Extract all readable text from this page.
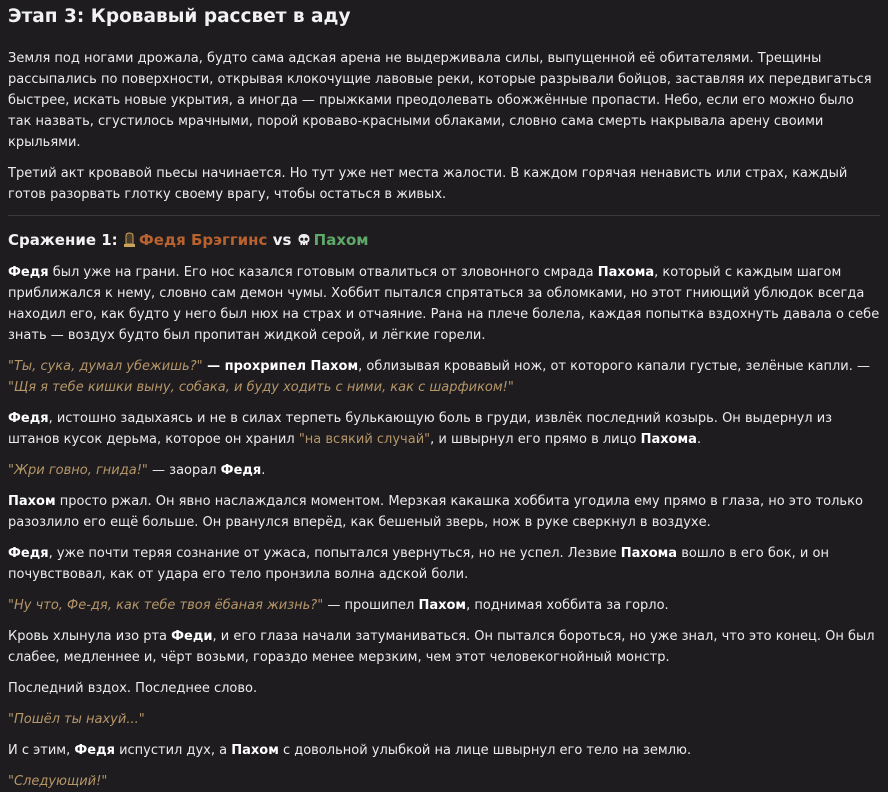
Этап 3: Кровавый рассвет в аду

Земля под ногами дрожала, будто сама адская арена не выдерживала силы, выпущенной её обитателями. Трещины рассыпались по поверхности, открывая клокочущие лавовые реки, которые разрывали бойцов, заставляя их передвигаться быстрее, искать новые укрытия, а иногда — прыжками преодолевать обожжённые пропасти. Небо, если его можно было так назвать, сгустилось мрачными, порой кроваво-красными облаками, словно сама смерть накрывала арену своими крыльями.

Третий акт кровавой пьесы начинается. Но тут уже нет места жалости. В каждом горячая ненависть или страх, каждый готов разорвать глотку своему врагу, чтобы остаться в живых.

Сражение 1: Федя Брэггинс vs Пахом

Федя был уже на грани. Его нос казался готовым отвалиться от зловонного смрада Пахома, который с каждым шагом приближался к нему, словно сам демон чумы. Хоббит пытался спрятаться за обломками, но этот гниющий ублюдок всегда находил его, как будто у него был нюх на страх и отчаяние. Рана на плече болела, каждая попытка вздохнуть давала о себе знать — воздух будто был пропитан жидкой серой, и лёгкие горели.

"Ты, сука, думал убежишь?" — прохрипел Пахом, облизывая кровавый нож, от которого капали густые, зелёные капли. — "Щя я тебе кишки выну, собака, и буду ходить с ними, как с шарфиком!"

Федя, истошно задыхаясь и не в силах терпеть булькающую боль в груди, извлёк последний козырь. Он выдернул из штанов кусок дерьма, которое он хранил "на всякий случай", и швырнул его прямо в лицо Пахома.

"Жри говно, гнида!" — заорал Федя.

Пахом просто ржал. Он явно наслаждался моментом. Мерзкая какашка хоббита угодила ему прямо в глаза, но это только разозлило его ещё больше. Он рванулся вперёд, как бешеный зверь, нож в руке сверкнул в воздухе.

Федя, уже почти теряя сознание от ужаса, попытался увернуться, но не успел. Лезвие Пахома вошло в его бок, и он почувствовал, как от удара его тело пронзила волна адской боли.

"Ну что, Фе-дя, как тебе твоя ёбаная жизнь?" — прошипел Пахом, поднимая хоббита за горло.

Кровь хлынула изо рта Феди, и его глаза начали затуманиваться. Он пытался бороться, но уже знал, что это конец. Он был слабее, медленнее и, чёрт возьми, гораздо менее мерзким, чем этот человекогнойный монстр.

Последний вздох. Последнее слово.

"Пошёл ты нахуй..."

И с этим, Федя испустил дух, а Пахом с довольной улыбкой на лице швырнул его тело на землю.

"Следующий!"
